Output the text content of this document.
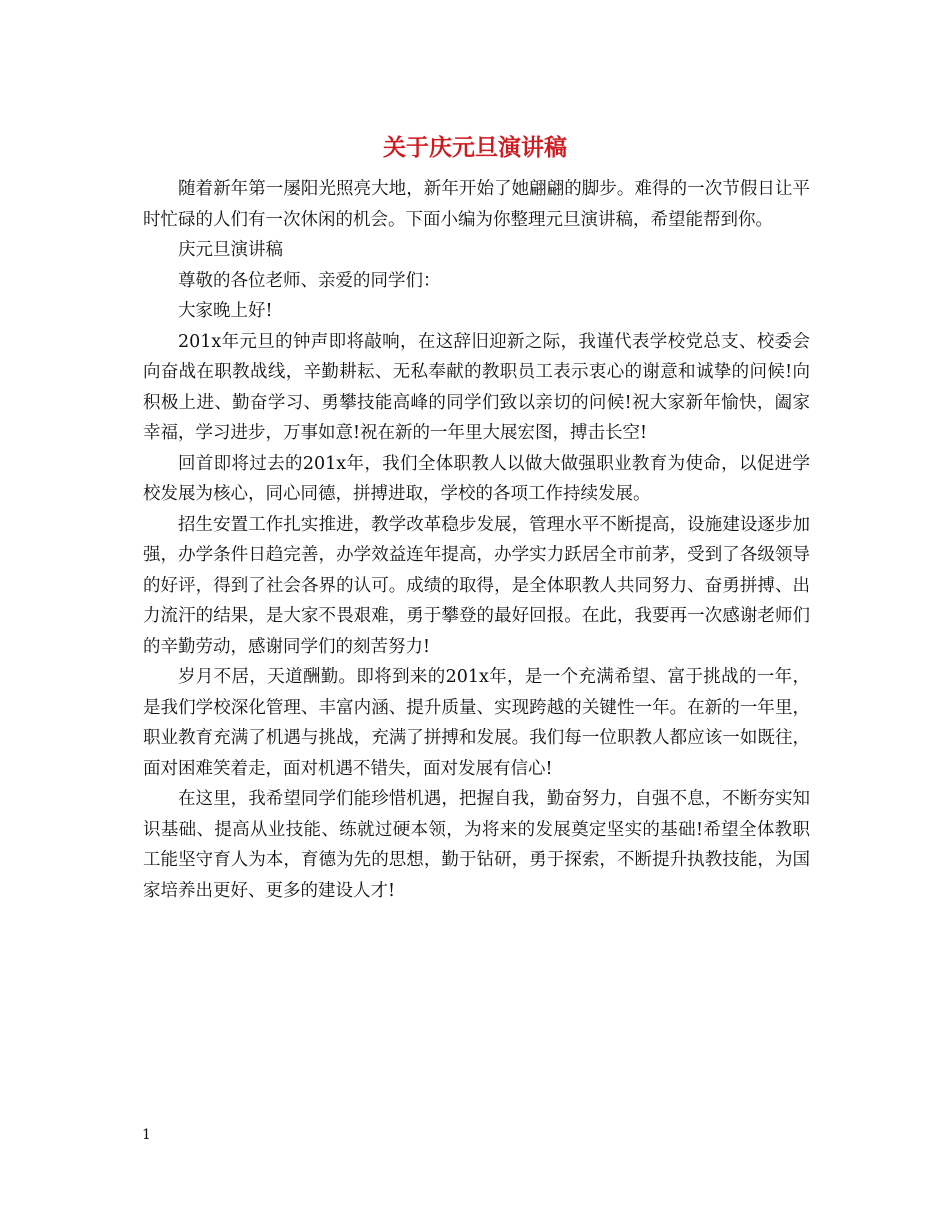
关于庆元旦演讲稿

随着新年第一屡阳光照亮大地，新年开始了她翩翩的脚步。难得的一次节假日让平时忙碌的人们有一次休闲的机会。下面小编为你整理元旦演讲稿，希望能帮到你。

庆元旦演讲稿

尊敬的各位老师、亲爱的同学们：

大家晚上好!

201x年元旦的钟声即将敲响，在这辞旧迎新之际，我谨代表学校党总支、校委会向奋战在职教战线，辛勤耕耘、无私奉献的教职员工表示衷心的谢意和诚挚的问候!向积极上进、勤奋学习、勇攀技能高峰的同学们致以亲切的问候!祝大家新年愉快，阖家幸福，学习进步，万事如意!祝在新的一年里大展宏图，搏击长空!

回首即将过去的201x年，我们全体职教人以做大做强职业教育为使命，以促进学校发展为核心，同心同德，拼搏进取，学校的各项工作持续发展。

招生安置工作扎实推进，教学改革稳步发展，管理水平不断提高，设施建设逐步加强，办学条件日趋完善，办学效益连年提高，办学实力跃居全市前茅，受到了各级领导的好评，得到了社会各界的认可。成绩的取得，是全体职教人共同努力、奋勇拼搏、出力流汗的结果，是大家不畏艰难，勇于攀登的最好回报。在此，我要再一次感谢老师们的辛勤劳动，感谢同学们的刻苦努力!

岁月不居，天道酬勤。即将到来的201x年，是一个充满希望、富于挑战的一年，是我们学校深化管理、丰富内涵、提升质量、实现跨越的关键性一年。在新的一年里，职业教育充满了机遇与挑战，充满了拼搏和发展。我们每一位职教人都应该一如既往，面对困难笑着走，面对机遇不错失，面对发展有信心!

在这里，我希望同学们能珍惜机遇，把握自我，勤奋努力，自强不息，不断夯实知识基础、提高从业技能、练就过硬本领，为将来的发展奠定坚实的基础!希望全体教职工能坚守育人为本，育德为先的思想，勤于钻研，勇于探索，不断提升执教技能，为国家培养出更好、更多的建设人才!

1
